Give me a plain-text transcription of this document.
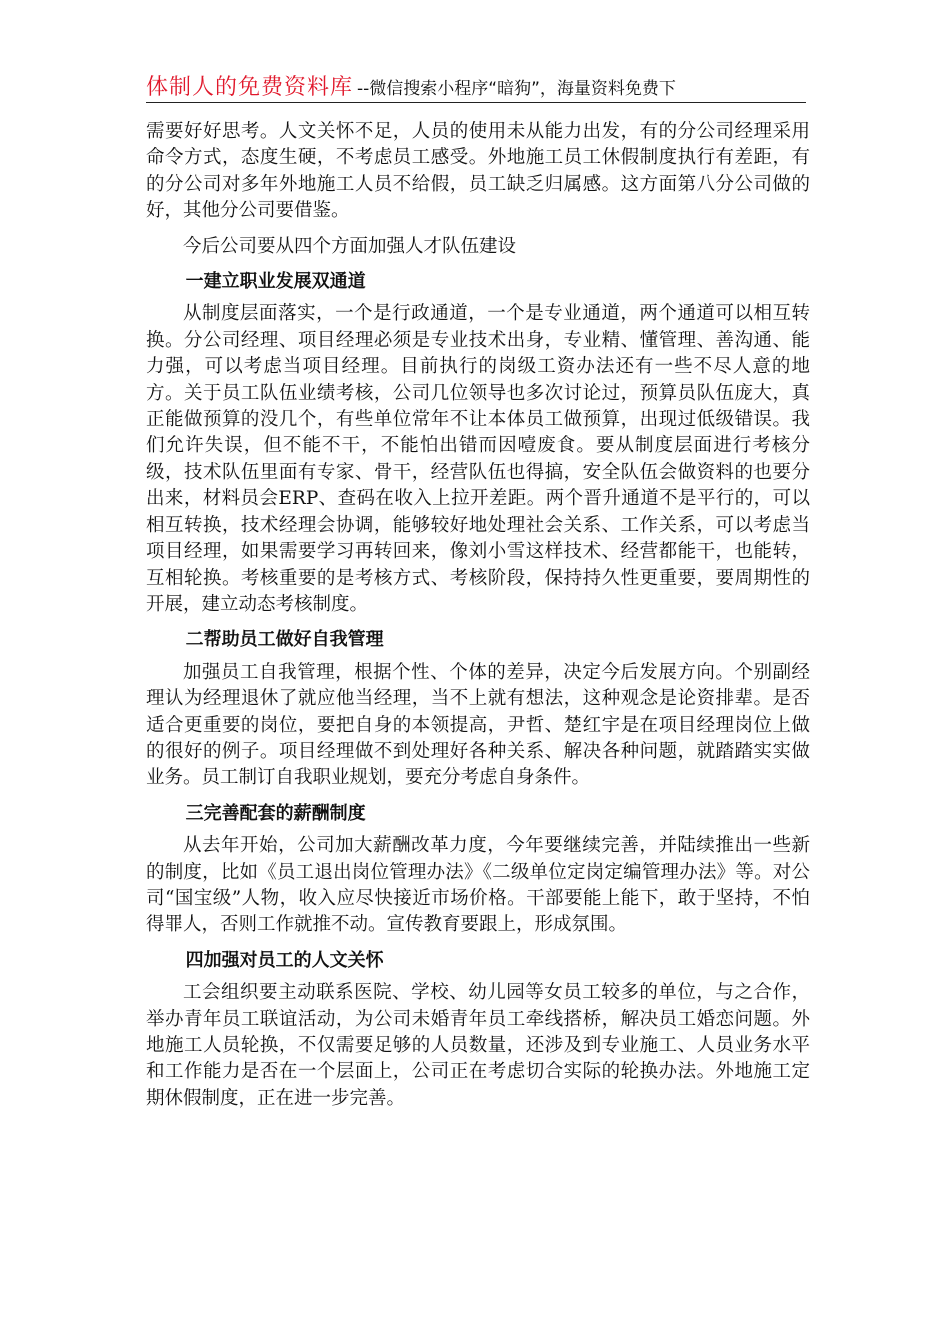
体制人的免费资料库 --微信搜索小程序“暗狗”，海量资料免费下

需要好好思考。人文关怀不足，人员的使用未从能力出发，有的分公司经理采用命令方式，态度生硬，不考虑员工感受。外地施工员工休假制度执行有差距，有的分公司对多年外地施工人员不给假，员工缺乏归属感。这方面第八分公司做的好，其他分公司要借鉴。

今后公司要从四个方面加强人才队伍建设

一建立职业发展双通道

从制度层面落实，一个是行政通道，一个是专业通道，两个通道可以相互转换。分公司经理、项目经理必须是专业技术出身，专业精、懂管理、善沟通、能力强，可以考虑当项目经理。目前执行的岗级工资办法还有一些不尽人意的地方。关于员工队伍业绩考核，公司几位领导也多次讨论过，预算员队伍庞大，真正能做预算的没几个，有些单位常年不让本体员工做预算，出现过低级错误。我们允许失误，但不能不干，不能怕出错而因噎废食。要从制度层面进行考核分级，技术队伍里面有专家、骨干，经营队伍也得搞，安全队伍会做资料的也要分出来，材料员会ERP、查码在收入上拉开差距。两个晋升通道不是平行的，可以相互转换，技术经理会协调，能够较好地处理社会关系、工作关系，可以考虑当项目经理，如果需要学习再转回来，像刘小雪这样技术、经营都能干，也能转，互相轮换。考核重要的是考核方式、考核阶段，保持持久性更重要，要周期性的开展，建立动态考核制度。

二帮助员工做好自我管理

加强员工自我管理，根据个性、个体的差异，决定今后发展方向。个别副经理认为经理退休了就应他当经理，当不上就有想法，这种观念是论资排辈。是否适合更重要的岗位，要把自身的本领提高，尹哲、楚红宇是在项目经理岗位上做的很好的例子。项目经理做不到处理好各种关系、解决各种问题，就踏踏实实做业务。员工制订自我职业规划，要充分考虑自身条件。

三完善配套的薪酬制度

从去年开始，公司加大薪酬改革力度，今年要继续完善，并陆续推出一些新的制度，比如《员工退出岗位管理办法》《二级单位定岗定编管理办法》等。对公司“国宝级”人物，收入应尽快接近市场价格。干部要能上能下，敢于坚持，不怕得罪人，否则工作就推不动。宣传教育要跟上，形成氛围。

四加强对员工的人文关怀

工会组织要主动联系医院、学校、幼儿园等女员工较多的单位，与之合作，举办青年员工联谊活动，为公司未婚青年员工牵线搭桥，解决员工婚恋问题。外地施工人员轮换，不仅需要足够的人员数量，还涉及到专业施工、人员业务水平和工作能力是否在一个层面上，公司正在考虑切合实际的轮换办法。外地施工定期休假制度，正在进一步完善。
